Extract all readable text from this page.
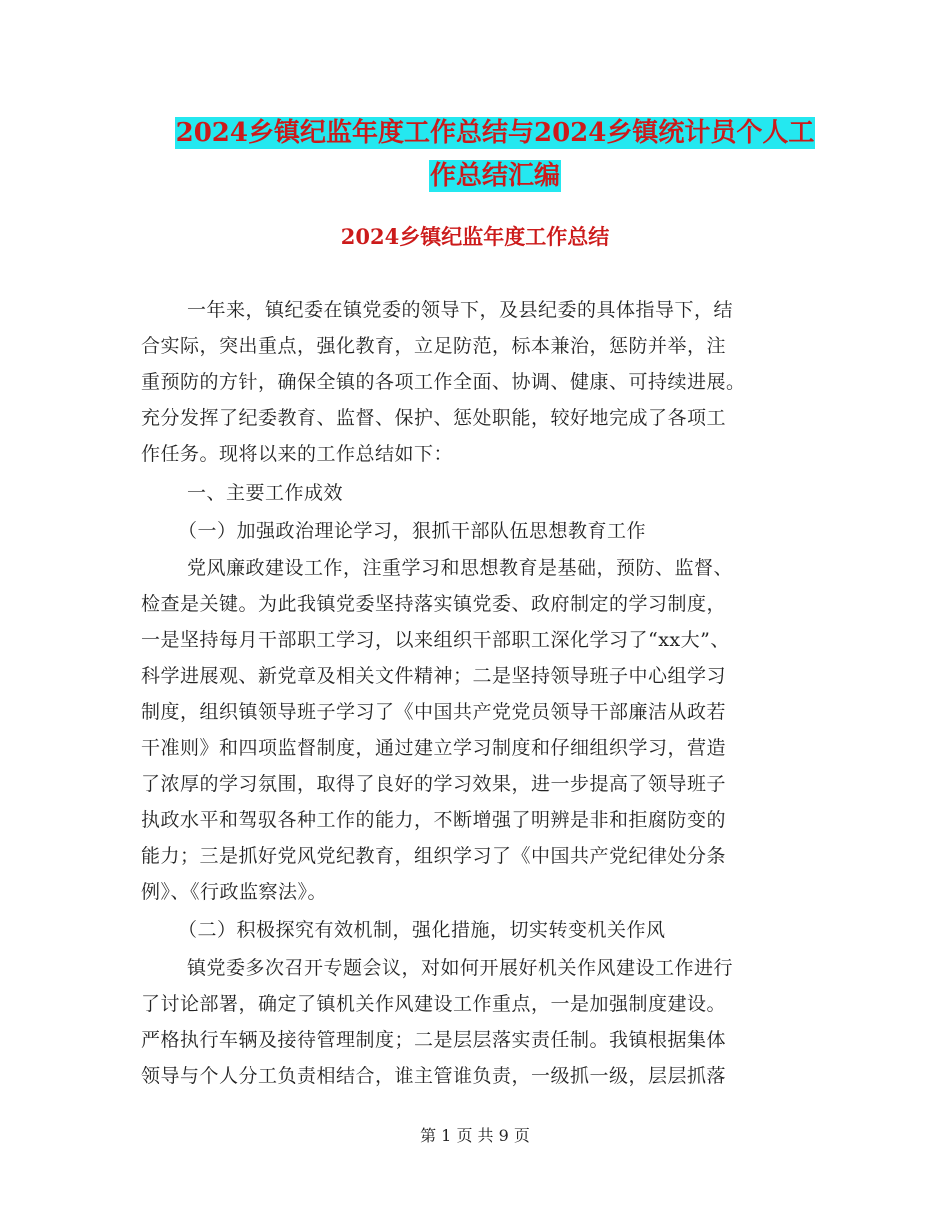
2024乡镇纪监年度工作总结与2024乡镇统计员个人工
作总结汇编
2024乡镇纪监年度工作总结
一年来，镇纪委在镇党委的领导下，及县纪委的具体指导下，结
合实际，突出重点，强化教育，立足防范，标本兼治，惩防并举，注
重预防的方针，确保全镇的各项工作全面、协调、健康、可持续进展。
充分发挥了纪委教育、监督、保护、惩处职能，较好地完成了各项工
作任务。现将以来的工作总结如下：
一、主要工作成效
（一）加强政治理论学习，狠抓干部队伍思想教育工作
党风廉政建设工作，注重学习和思想教育是基础，预防、监督、
检查是关键。为此我镇党委坚持落实镇党委、政府制定的学习制度，
一是坚持每月干部职工学习，以来组织干部职工深化学习了“xx大”、
科学进展观、新党章及相关文件精神；二是坚持领导班子中心组学习
制度，组织镇领导班子学习了《中国共产党党员领导干部廉洁从政若
干准则》和四项监督制度，通过建立学习制度和仔细组织学习，营造
了浓厚的学习氛围，取得了良好的学习效果，进一步提高了领导班子
执政水平和驾驭各种工作的能力，不断增强了明辨是非和拒腐防变的
能力；三是抓好党风党纪教育，组织学习了《中国共产党纪律处分条
例》、《行政监察法》。
（二）积极探究有效机制，强化措施，切实转变机关作风
镇党委多次召开专题会议，对如何开展好机关作风建设工作进行
了讨论部署，确定了镇机关作风建设工作重点，一是加强制度建设。
严格执行车辆及接待管理制度；二是层层落实责任制。我镇根据集体
领导与个人分工负责相结合，谁主管谁负责，一级抓一级，层层抓落
第 1 页 共 9 页
